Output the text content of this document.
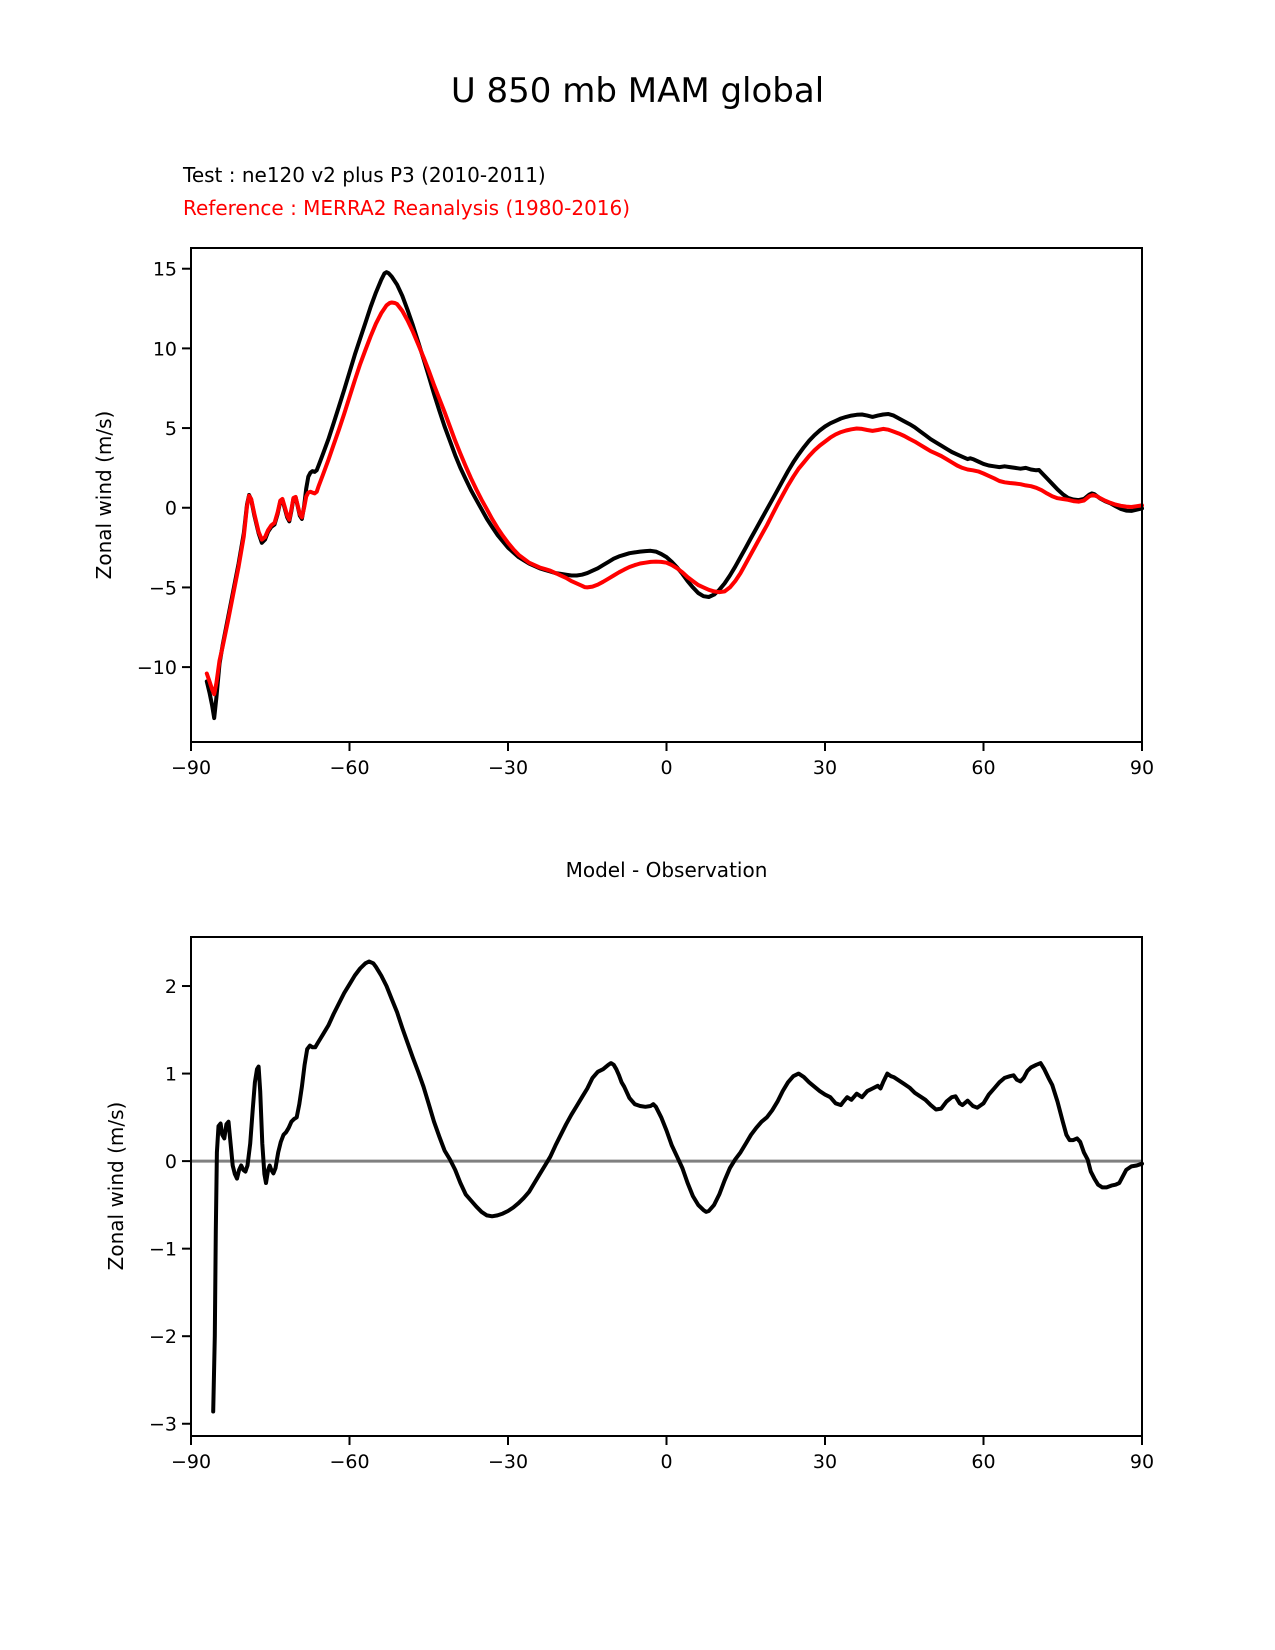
U 850 mb MAM global
Test : ne120 v2 plus P3 (2010-2011)
Reference : MERRA2 Reanalysis (1980-2016)
Model - Observation
Zonal wind (m/s)
Zonal wind (m/s)
−90	−60	−30	0	30	60	90
15
10
5
0
−5
−10
−90	−60	−30	0	30	60	90
2
1
0
−1
−2
−3
